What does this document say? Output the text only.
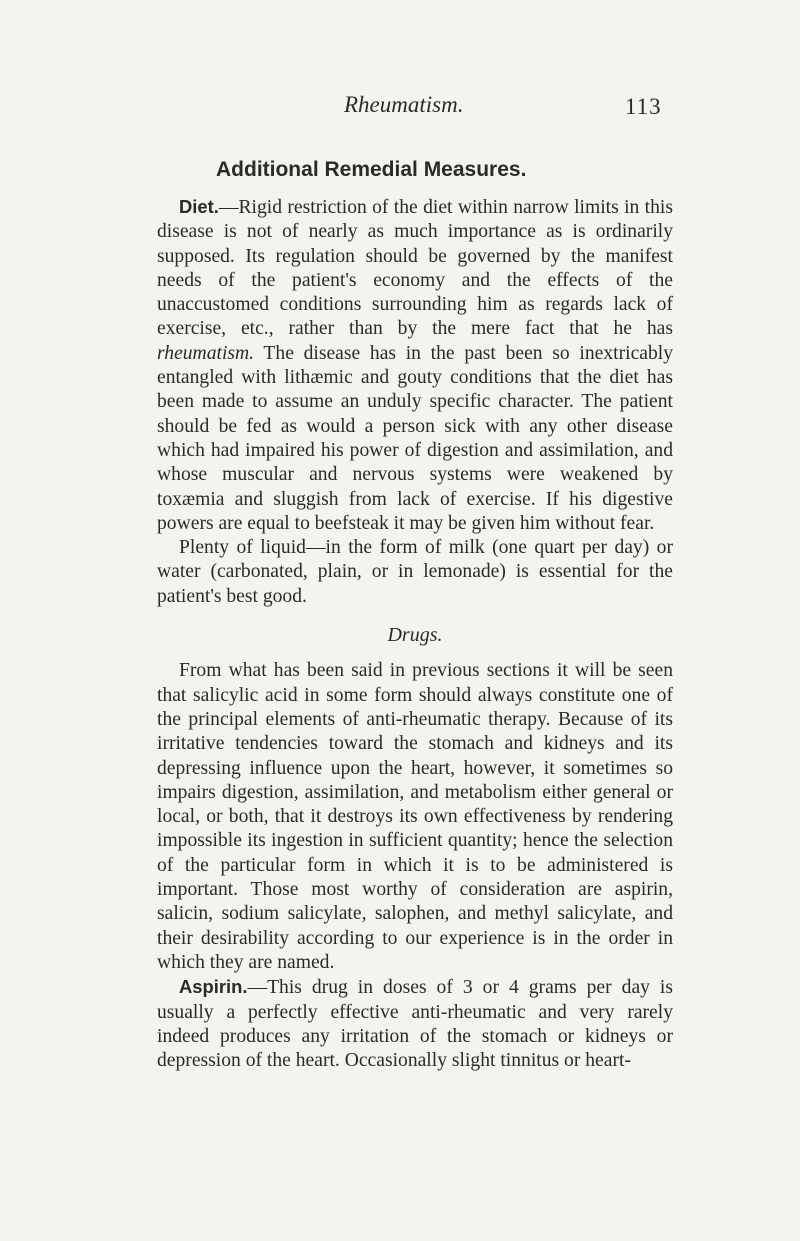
Rheumatism.	113
Additional Remedial Measures.

Diet.—Rigid restriction of the diet within narrow limits in this disease is not of nearly as much importance as is ordinarily supposed. Its regulation should be governed by the manifest needs of the patient's economy and the effects of the unaccustomed conditions surrounding him as regards lack of exercise, etc., rather than by the mere fact that he has rheumatism. The disease has in the past been so inextricably entangled with lithæmic and gouty conditions that the diet has been made to assume an unduly specific character. The patient should be fed as would a person sick with any other disease which had impaired his power of digestion and assimilation, and whose muscular and nervous systems were weakened by toxæmia and sluggish from lack of exercise. If his digestive powers are equal to beefsteak it may be given him without fear.

Plenty of liquid—in the form of milk (one quart per day) or water (carbonated, plain, or in lemonade) is essential for the patient's best good.

Drugs.

From what has been said in previous sections it will be seen that salicylic acid in some form should always constitute one of the principal elements of anti-rheumatic therapy. Because of its irritative tendencies toward the stomach and kidneys and its depressing influence upon the heart, however, it sometimes so impairs digestion, assimilation, and metabolism either general or local, or both, that it destroys its own effectiveness by rendering impossible its ingestion in sufficient quantity; hence the selection of the particular form in which it is to be administered is important. Those most worthy of consideration are aspirin, salicin, sodium salicylate, salophen, and methyl salicylate, and their desirability according to our experience is in the order in which they are named.

Aspirin.—This drug in doses of 3 or 4 grams per day is usually a perfectly effective anti-rheumatic and very rarely indeed produces any irritation of the stomach or kidneys or depression of the heart. Occasionally slight tinnitus or heart-
